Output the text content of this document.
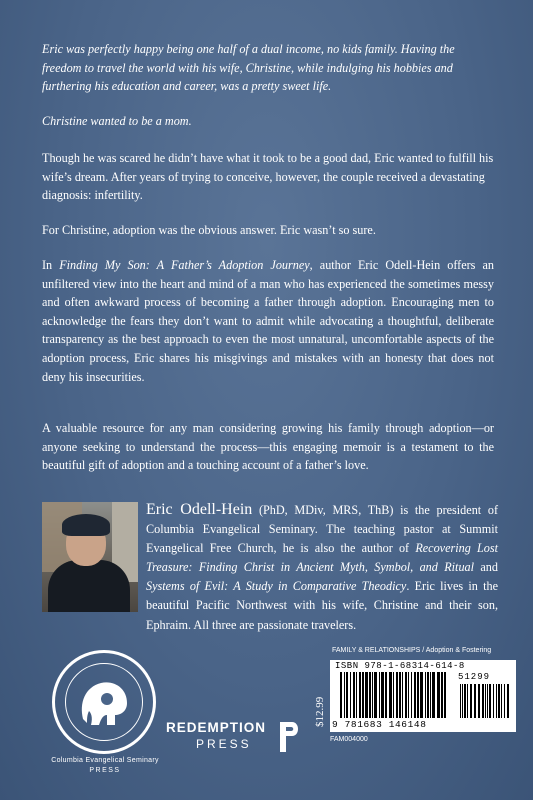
Eric was perfectly happy being one half of a dual income, no kids family. Having the freedom to travel the world with his wife, Christine, while indulging his hobbies and furthering his education and career, was a pretty sweet life.

Christine wanted to be a mom.

Though he was scared he didn’t have what it took to be a good dad, Eric wanted to fulfill his wife’s dream. After years of trying to conceive, however, the couple received a devastating diagnosis: infertility.

For Christine, adoption was the obvious answer. Eric wasn’t so sure.

In Finding My Son: A Father’s Adoption Journey, author Eric Odell-Hein offers an unfiltered view into the heart and mind of a man who has experienced the sometimes messy and often awkward process of becoming a father through adoption. Encouraging men to acknowledge the fears they don’t want to admit while advocating a thoughtful, deliberate transparency as the best approach to even the most unnatural, uncomfortable aspects of the adoption process, Eric shares his misgivings and mistakes with an honesty that does not deny his insecurities.

A valuable resource for any man considering growing his family through adoption—or anyone seeking to understand the process—this engaging memoir is a testament to the beautiful gift of adoption and a touching account of a father’s love.

Eric Odell-Hein (PhD, MDiv, MRS, ThB) is the president of Columbia Evangelical Seminary. The teaching pastor at Summit Evangelical Free Church, he is also the author of Recovering Lost Treasure: Finding Christ in Ancient Myth, Symbol, and Ritual and Systems of Evil: A Study in Comparative Theodicy. Eric lives in the beautiful Pacific Northwest with his wife, Christine and their son, Ephraim. All three are passionate travelers.

Columbia Evangelical Seminary
PRESS
REDEMPTION
PRESS
$12.99
FAMILY & RELATIONSHIPS / Adoption & Fostering
ISBN 978-1-68314-614-8
9 781683 146148
51299
FAM004000
